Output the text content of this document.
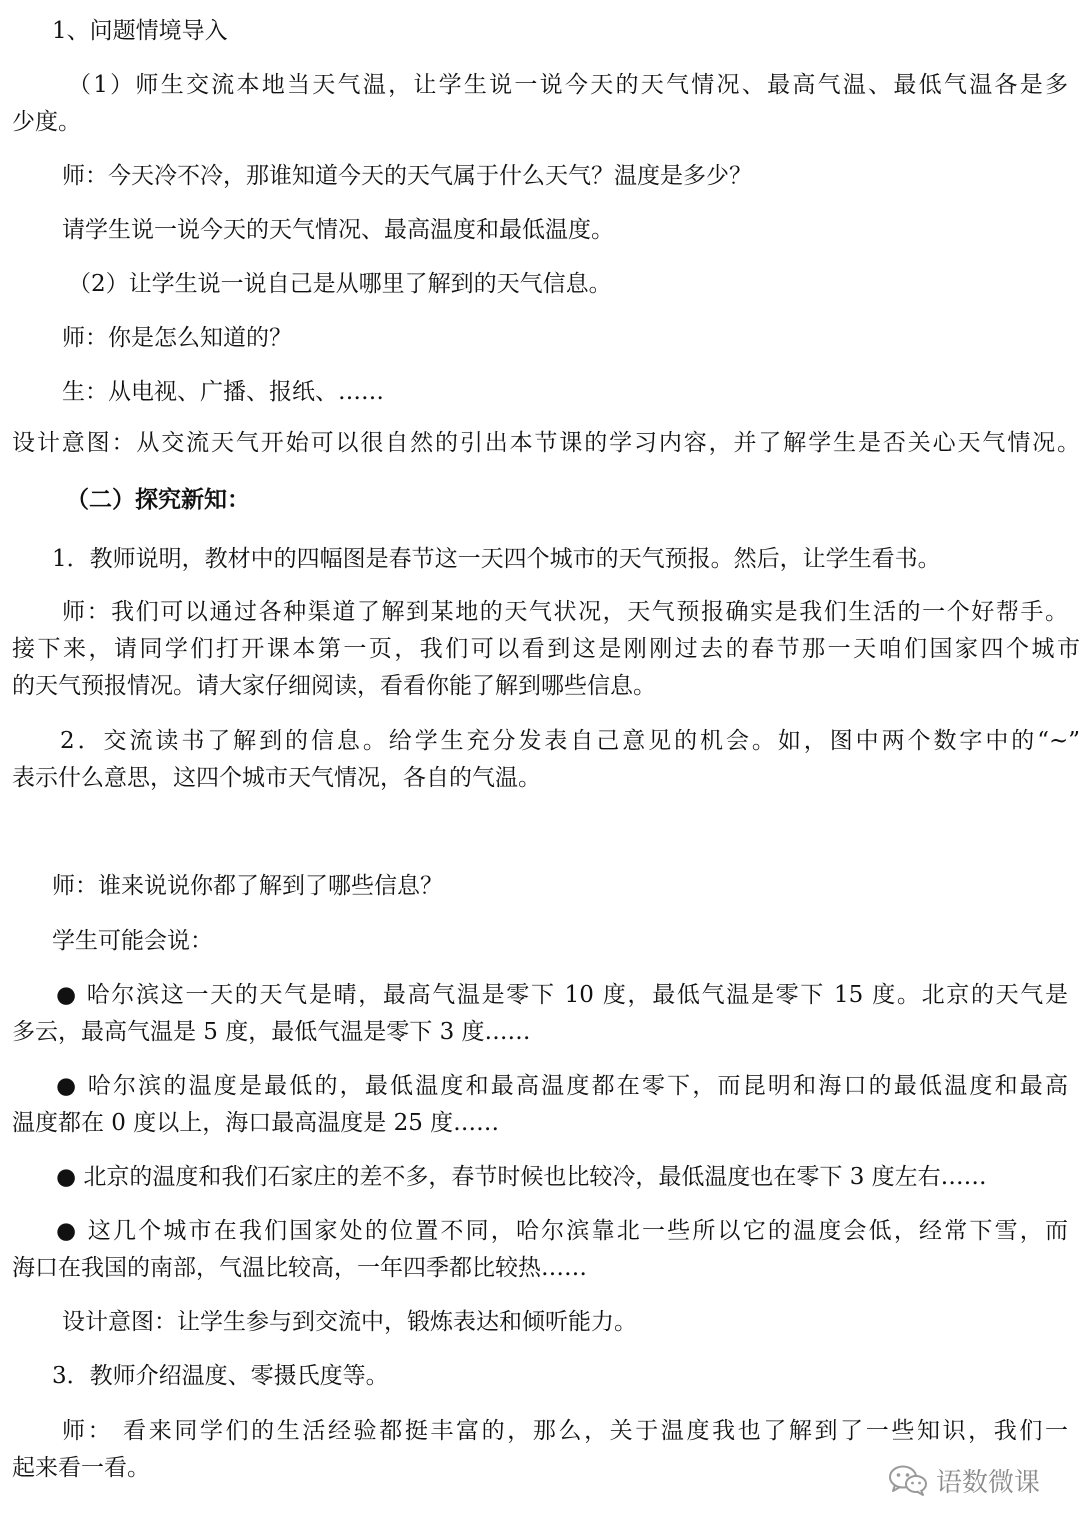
1、问题情境导入
（1）师生交流本地当天气温，让学生说一说今天的天气情况、最高气温、最低气温各是多
少度。
师：今天冷不冷，那谁知道今天的天气属于什么天气？温度是多少？
请学生说一说今天的天气情况、最高温度和最低温度。
（2）让学生说一说自己是从哪里了解到的天气信息。
师：你是怎么知道的？
生：从电视、广播、报纸、……
设计意图：从交流天气开始可以很自然的引出本节课的学习内容，并了解学生是否关心天气情况。
（二）探究新知：
1．教师说明，教材中的四幅图是春节这一天四个城市的天气预报。然后，让学生看书。
师：我们可以通过各种渠道了解到某地的天气状况，天气预报确实是我们生活的一个好帮手。
接下来，请同学们打开课本第一页，我们可以看到这是刚刚过去的春节那一天咱们国家四个城市
的天气预报情况。请大家仔细阅读，看看你能了解到哪些信息。
2．交流读书了解到的信息。给学生充分发表自己意见的机会。如，图中两个数字中的“~”
表示什么意思，这四个城市天气情况，各自的气温。
师：谁来说说你都了解到了哪些信息？
学生可能会说：
● 哈尔滨这一天的天气是晴，最高气温是零下 10 度，最低气温是零下 15 度。北京的天气是
多云，最高气温是 5 度，最低气温是零下 3 度……
● 哈尔滨的温度是最低的，最低温度和最高温度都在零下，而昆明和海口的最低温度和最高
温度都在 0 度以上，海口最高温度是 25 度……
● 北京的温度和我们石家庄的差不多，春节时候也比较冷，最低温度也在零下 3 度左右……
● 这几个城市在我们国家处的位置不同，哈尔滨靠北一些所以它的温度会低，经常下雪，而
海口在我国的南部，气温比较高，一年四季都比较热……
设计意图：让学生参与到交流中，锻炼表达和倾听能力。
3．教师介绍温度、零摄氏度等。
师： 看来同学们的生活经验都挺丰富的，那么，关于温度我也了解到了一些知识，我们一
起来看一看。	语数微课
